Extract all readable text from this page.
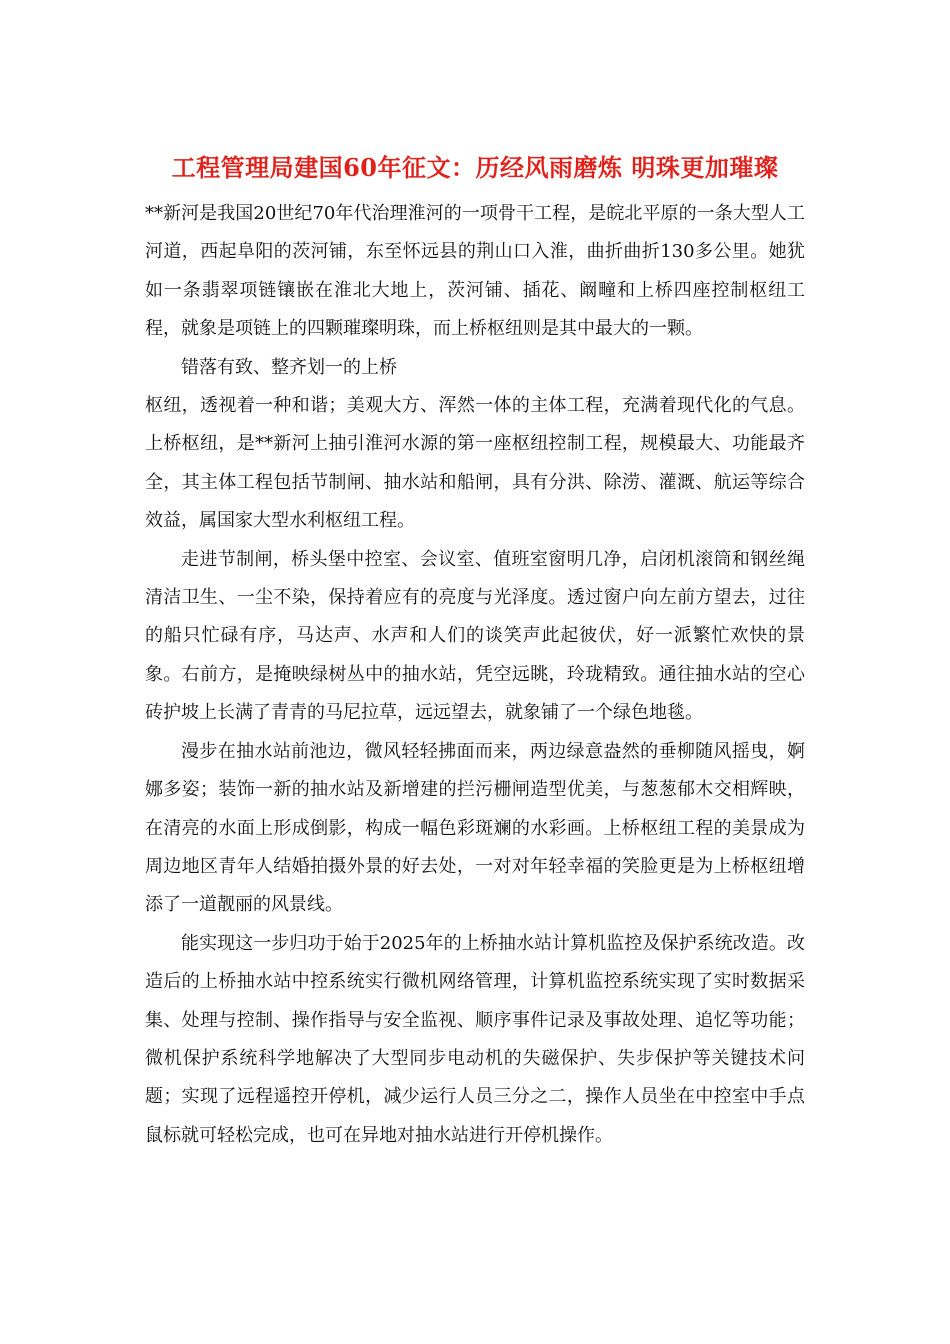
工程管理局建国60年征文：历经风雨磨炼 明珠更加璀璨

**新河是我国20世纪70年代治理淮河的一项骨干工程，是皖北平原的一条大型人工河道，西起阜阳的茨河铺，东至怀远县的荆山口入淮，曲折曲折130多公里。她犹如一条翡翠项链镶嵌在淮北大地上，茨河铺、插花、阚疃和上桥四座控制枢纽工程，就象是项链上的四颗璀璨明珠，而上桥枢纽则是其中最大的一颗。

错落有致、整齐划一的上桥

枢纽，透视着一种和谐；美观大方、浑然一体的主体工程，充满着现代化的气息。上桥枢纽，是**新河上抽引淮河水源的第一座枢纽控制工程，规模最大、功能最齐全，其主体工程包括节制闸、抽水站和船闸，具有分洪、除涝、灌溉、航运等综合效益，属国家大型水利枢纽工程。

走进节制闸，桥头堡中控室、会议室、值班室窗明几净，启闭机滚筒和钢丝绳清洁卫生、一尘不染，保持着应有的亮度与光泽度。透过窗户向左前方望去，过往的船只忙碌有序，马达声、水声和人们的谈笑声此起彼伏，好一派繁忙欢快的景象。右前方，是掩映绿树丛中的抽水站，凭空远眺，玲珑精致。通往抽水站的空心砖护坡上长满了青青的马尼拉草，远远望去，就象铺了一个绿色地毯。

漫步在抽水站前池边，微风轻轻拂面而来，两边绿意盎然的垂柳随风摇曳，婀娜多姿；装饰一新的抽水站及新增建的拦污栅闸造型优美，与葱葱郁木交相辉映，在清亮的水面上形成倒影，构成一幅色彩斑斓的水彩画。上桥枢纽工程的美景成为周边地区青年人结婚拍摄外景的好去处，一对对年轻幸福的笑脸更是为上桥枢纽增添了一道靓丽的风景线。

能实现这一步归功于始于2025年的上桥抽水站计算机监控及保护系统改造。改造后的上桥抽水站中控系统实行微机网络管理，计算机监控系统实现了实时数据采集、处理与控制、操作指导与安全监视、顺序事件记录及事故处理、追忆等功能；微机保护系统科学地解决了大型同步电动机的失磁保护、失步保护等关键技术问题；实现了远程遥控开停机，减少运行人员三分之二，操作人员坐在中控室中手点鼠标就可轻松完成，也可在异地对抽水站进行开停机操作。
